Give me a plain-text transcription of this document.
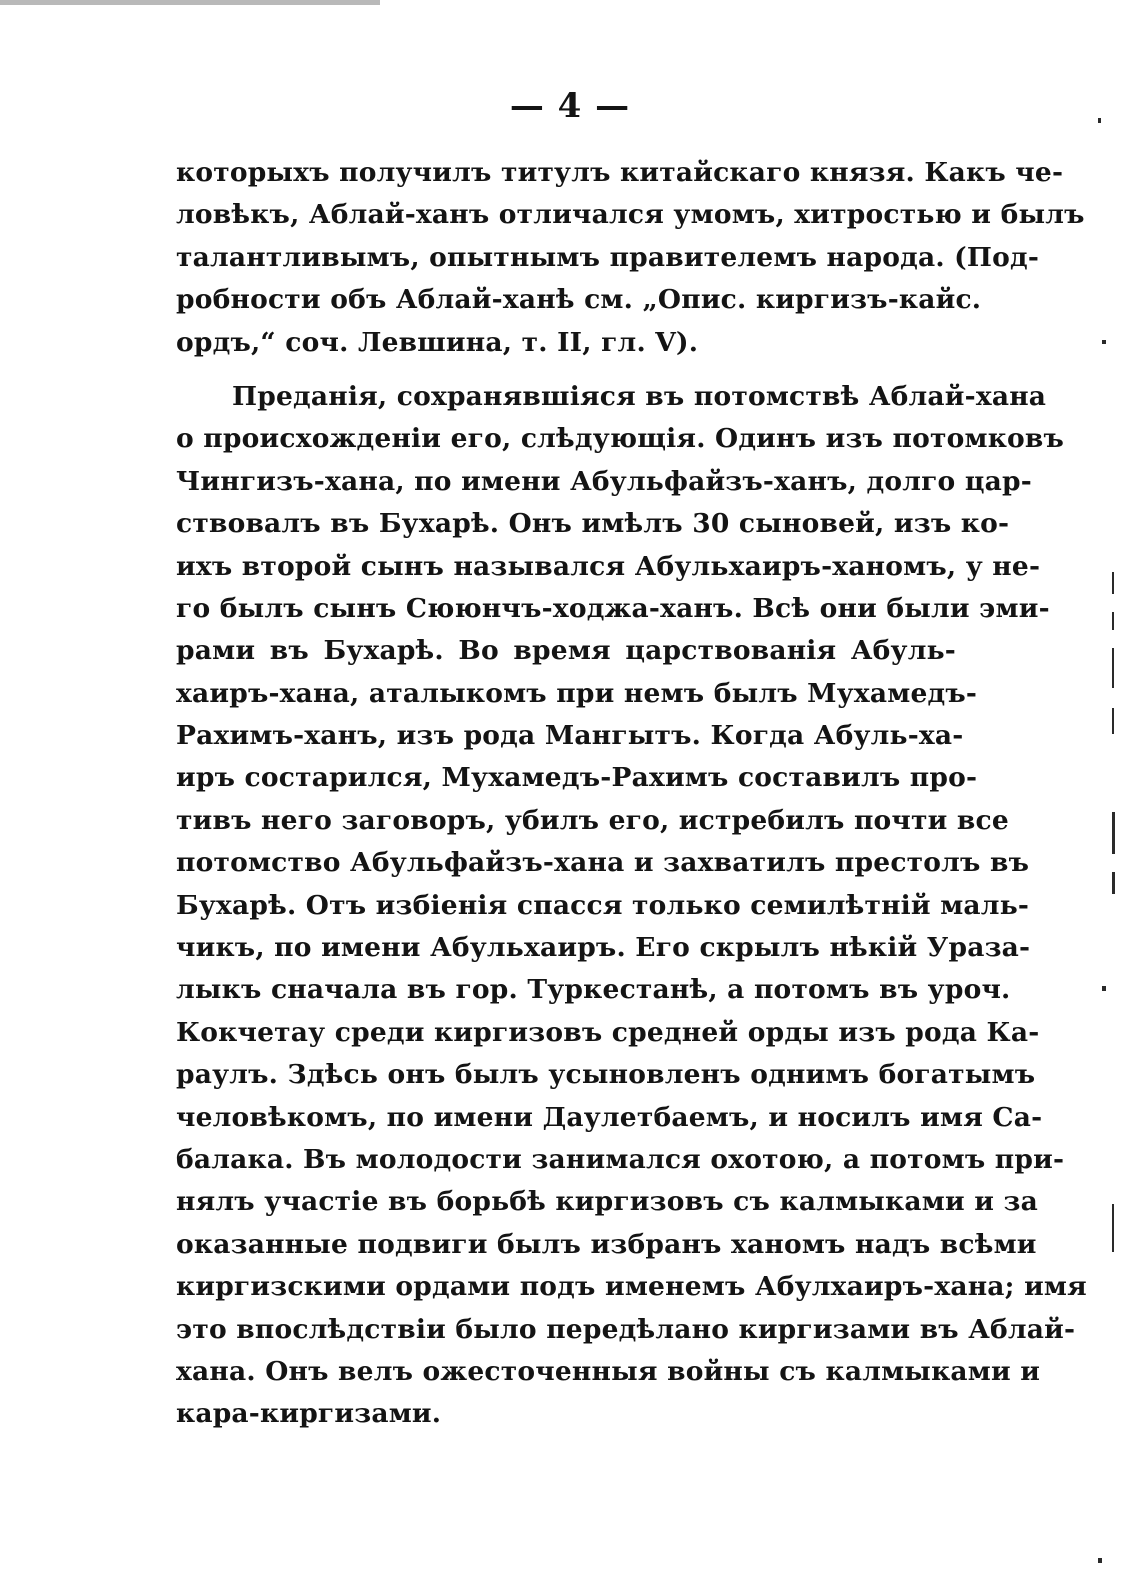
— 4 —
которыхъ получилъ титулъ китайскаго князя. Какъ че-
ловѣкъ, Аблай-ханъ отличался умомъ, хитростью и былъ
талантливымъ, опытнымъ правителемъ народа. (Под-
робности объ Аблай-ханѣ см. „Опис. киргизъ-кайс.
ордъ,“ соч. Левшина, т. II, гл. V).
Преданія, сохранявшіяся въ потомствѣ Аблай-хана
о происхожденіи его, слѣдующія. Одинъ изъ потомковъ
Чингизъ-хана, по имени Абульфайзъ-ханъ, долго цар-
ствовалъ въ Бухарѣ. Онъ имѣлъ 30 сыновей, изъ ко-
ихъ второй сынъ назывался Абульхаиръ-ханомъ, у не-
го былъ сынъ Сююнчъ-ходжа-ханъ. Всѣ они были эми-
рами въ Бухарѣ. Во время царствованія Абуль-
хаиръ-хана, аталыкомъ при немъ былъ Мухамедъ-
Рахимъ-ханъ, изъ рода Мангытъ. Когда Абуль-ха-
иръ состарился, Мухамедъ-Рахимъ составилъ про-
тивъ него заговоръ, убилъ его, истребилъ почти все
потомство Абульфайзъ-хана и захватилъ престолъ въ
Бухарѣ. Отъ избіенія спасся только семилѣтній маль-
чикъ, по имени Абульхаиръ. Его скрылъ нѣкій Ураза-
лыкъ сначала въ гор. Туркестанѣ, а потомъ въ уроч.
Кокчетау среди киргизовъ средней орды изъ рода Ка-
раулъ. Здѣсь онъ былъ усыновленъ однимъ богатымъ
человѣкомъ, по имени Даулетбаемъ, и носилъ имя Са-
балака. Въ молодости занимался охотою, а потомъ при-
нялъ участіе въ борьбѣ киргизовъ съ калмыками и за
оказанные подвиги былъ избранъ ханомъ надъ всѣми
киргизскими ордами подъ именемъ Абулхаиръ-хана; имя
это впослѣдствіи было передѣлано киргизами въ Аблай-
хана. Онъ велъ ожесточенныя войны съ калмыками и
кара-киргизами.
